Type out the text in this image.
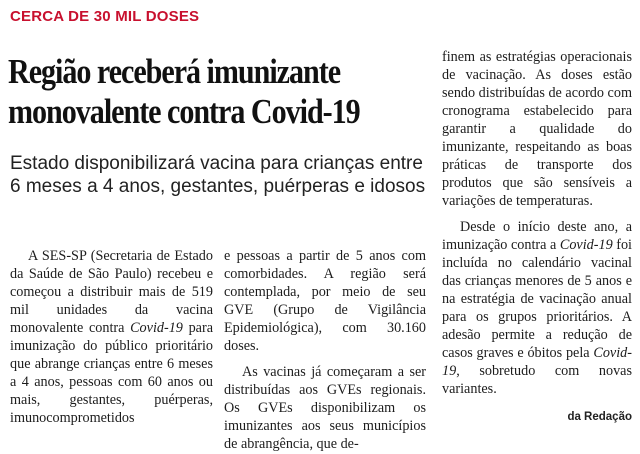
CERCA DE 30 MIL DOSES
Região receberá imunizante
monovalente contra Covid-19
Estado disponibilizará vacina para crianças entre
6 meses a 4 anos, gestantes, puérperas e idosos

A SES-SP (Secretaria de Estado da Saúde de São Paulo) recebeu e começou a distribuir mais de 519 mil unidades da vacina monovalente contra Covid-19 para imunização do público prioritário que abrange crianças entre 6 meses a 4 anos, pessoas com 60 anos ou mais, gestantes, puérperas, imunocomprometidos

e pessoas a partir de 5 anos com comorbidades. A região será contemplada, por meio de seu GVE (Grupo de Vigilância Epidemiológica), com 30.160 doses.

As vacinas já começaram a ser distribuídas aos GVEs regionais. Os GVEs disponibilizam os imunizantes aos seus municípios de abrangência, que de-

finem as estratégias operacionais de vacinação. As doses estão sendo distribuídas de acordo com cronograma estabelecido para garantir a qualidade do imunizante, respeitando as boas práticas de transporte dos produtos que são sensíveis a variações de temperaturas.

Desde o início deste ano, a imunização contra a Covid-19 foi incluída no calendário vacinal das crianças menores de 5 anos e na estratégia de vacinação anual para os grupos prioritários. A adesão permite a redução de casos graves e óbitos pela Covid-19, sobretudo com novas variantes.

da Redação
